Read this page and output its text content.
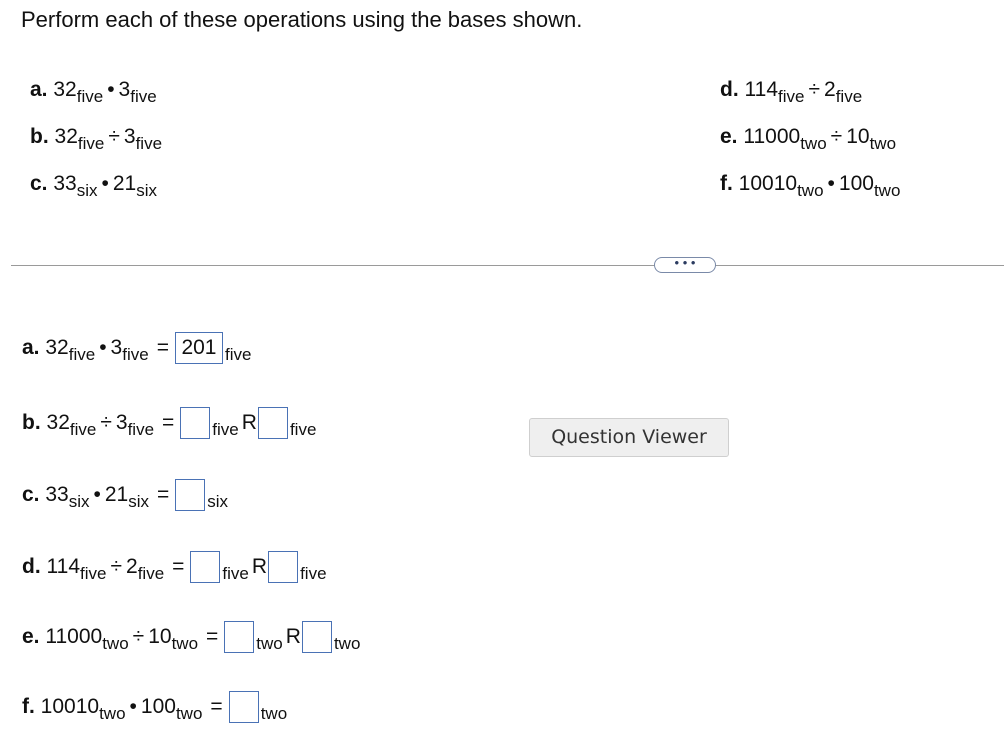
Perform each of these operations using the bases shown.
a. $32_{five}$ • $3_{five}$
b. $32_{five} \div 3_{five}$
c. $33_{six}$ • $21_{six}$
d. $114_{five} \div 2_{five}$
e. $11000_{two} \div 10_{two}$
f. $10010_{two}$ • $100_{two}$
• • •
a.
32 five • 3 five = 201 five
b.
32 five ÷ 3 five = five R five
c.
33 six • 21 six = six
d.
114 five ÷ 2 five = five R five
e.
11000 two ÷ 10 two = two R two
f.
10010 two • 100 two = two
Question Viewer
